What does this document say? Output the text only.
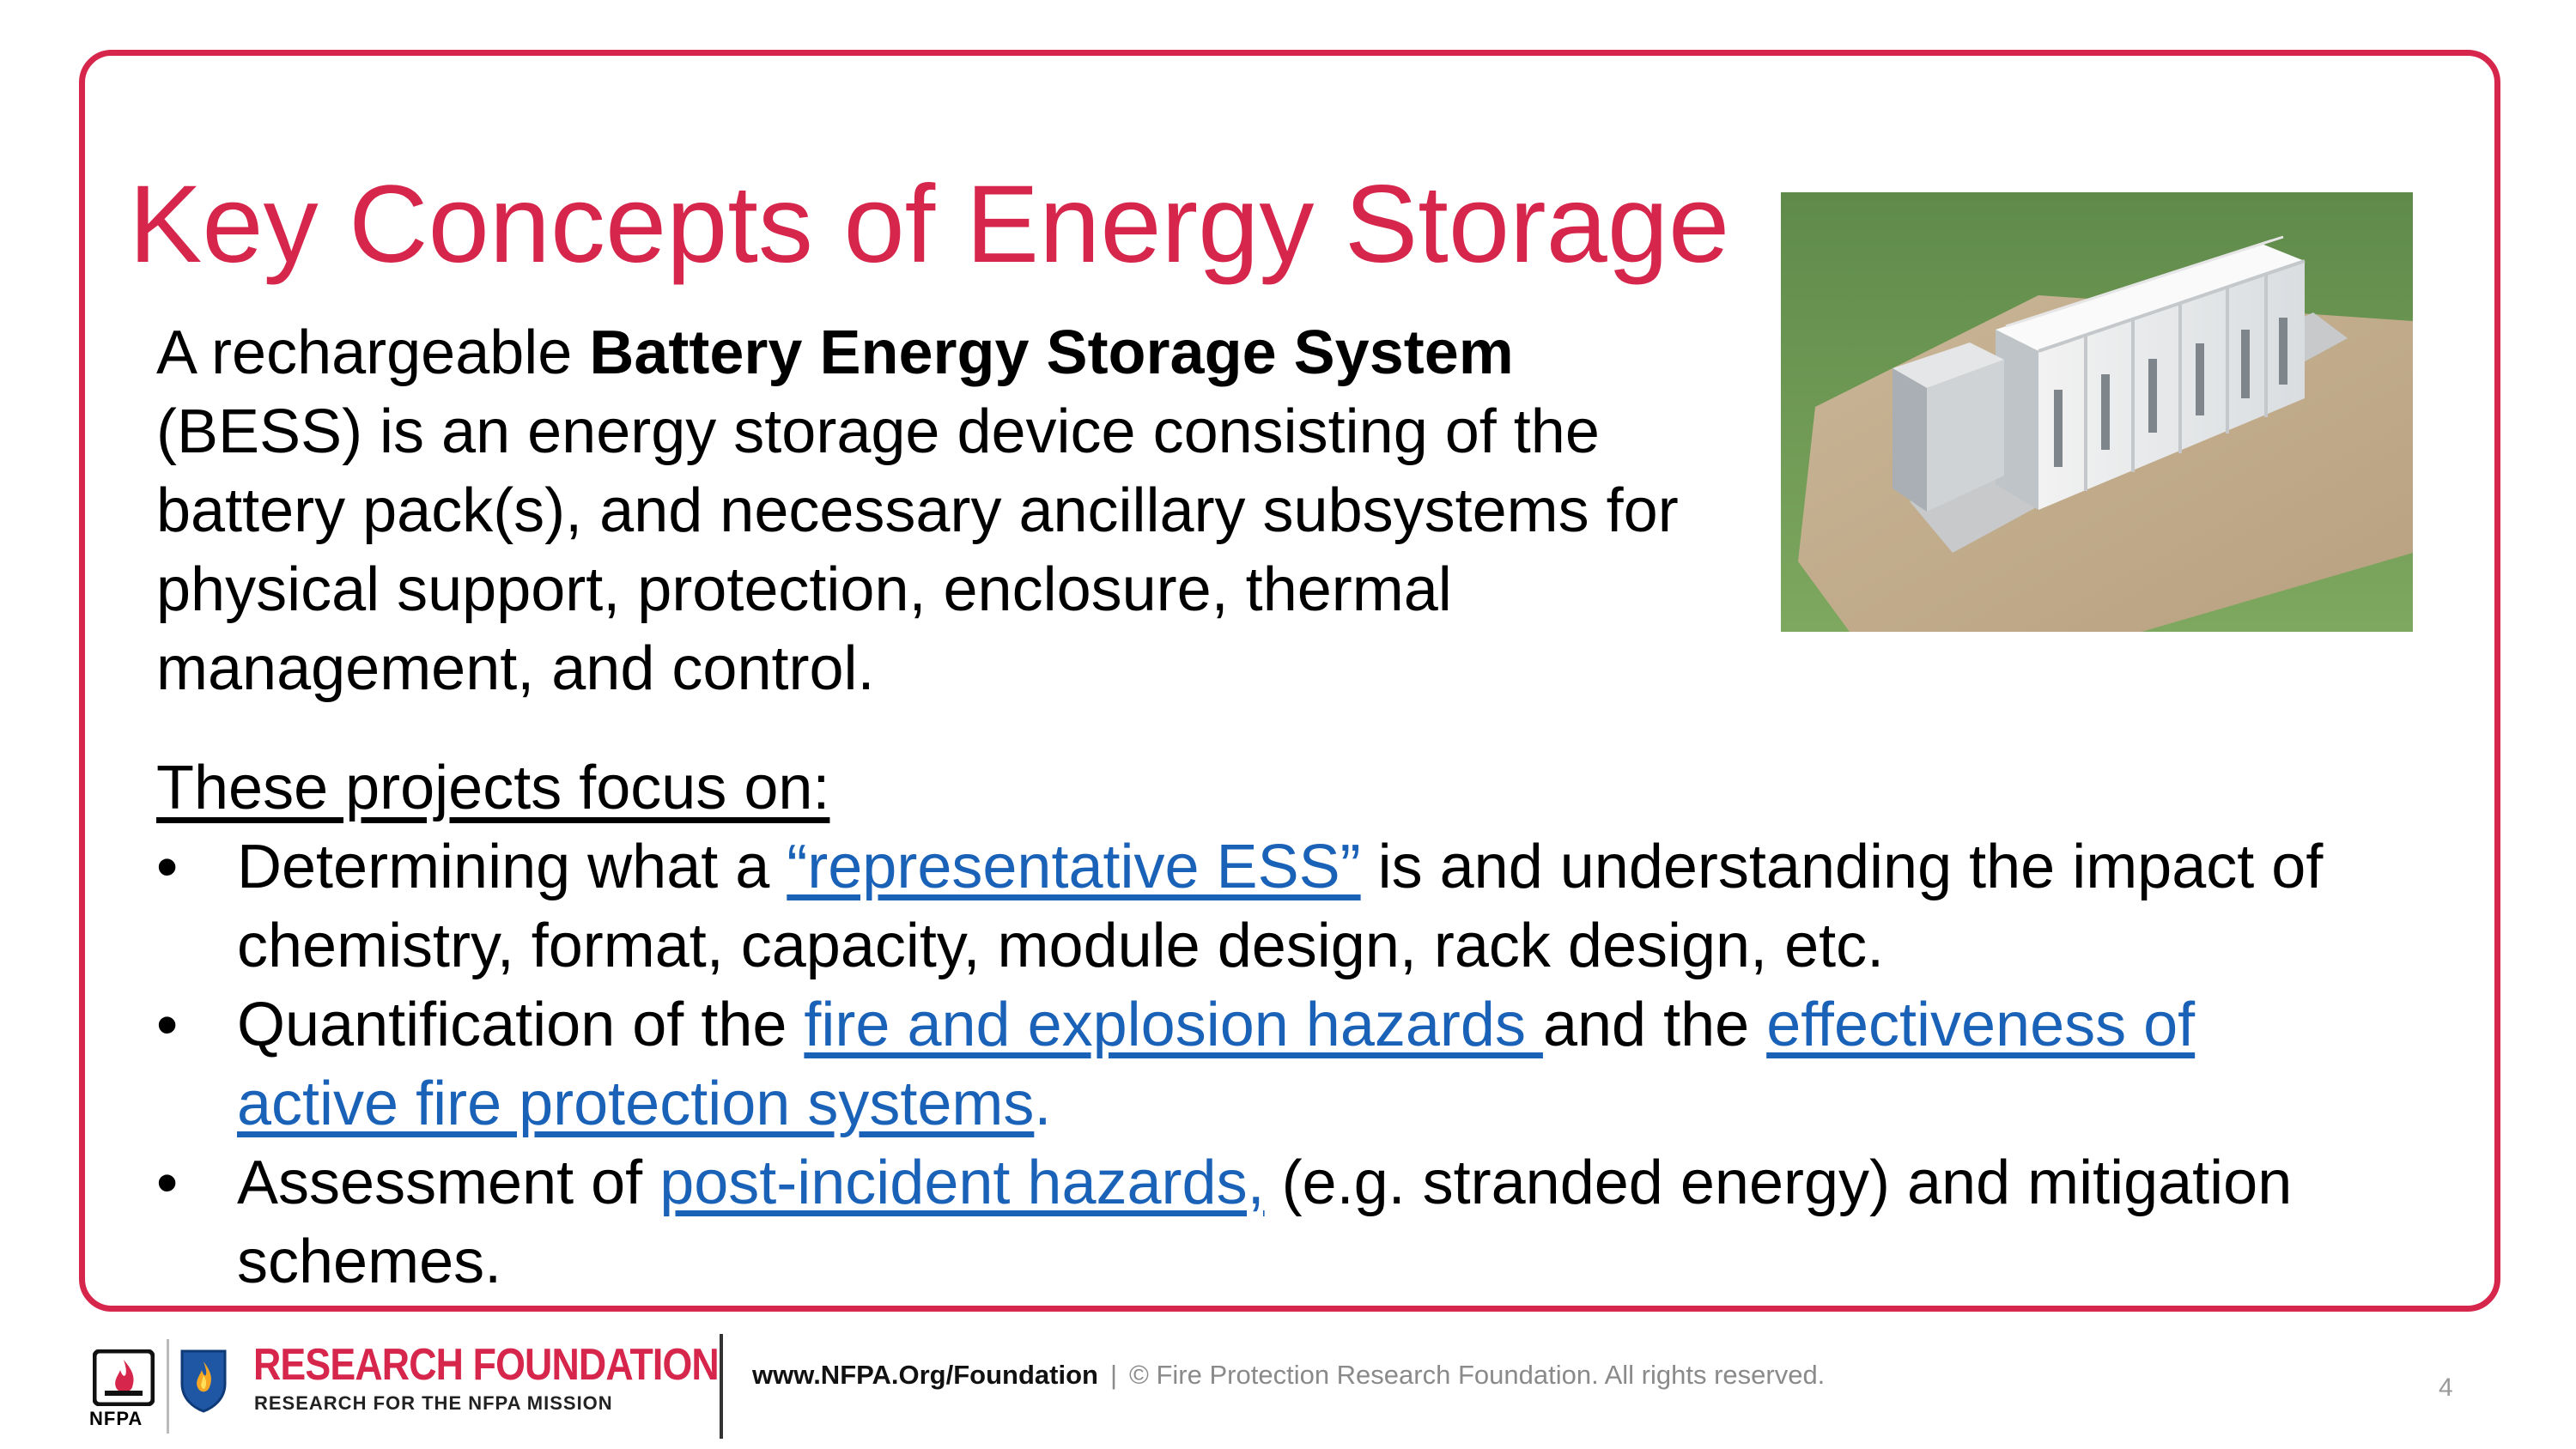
Key Concepts of Energy Storage
A rechargeable Battery Energy Storage System
(BESS) is an energy storage device consisting of the
battery pack(s), and necessary ancillary subsystems for
physical support, protection, enclosure, thermal
management, and control.
These projects focus on:
• Determining what a “representative ESS” is and understanding the impact of
chemistry, format, capacity, module design, rack design, etc.
• Quantification of the fire and explosion hazards and the effectiveness of
active fire protection systems.
• Assessment of post-incident hazards, (e.g. stranded energy) and mitigation
schemes.
NFPA
RESEARCH FOUNDATION
RESEARCH FOR THE NFPA MISSION
www.NFPA.Org/Foundation | © Fire Protection Research Foundation. All rights reserved.	4
